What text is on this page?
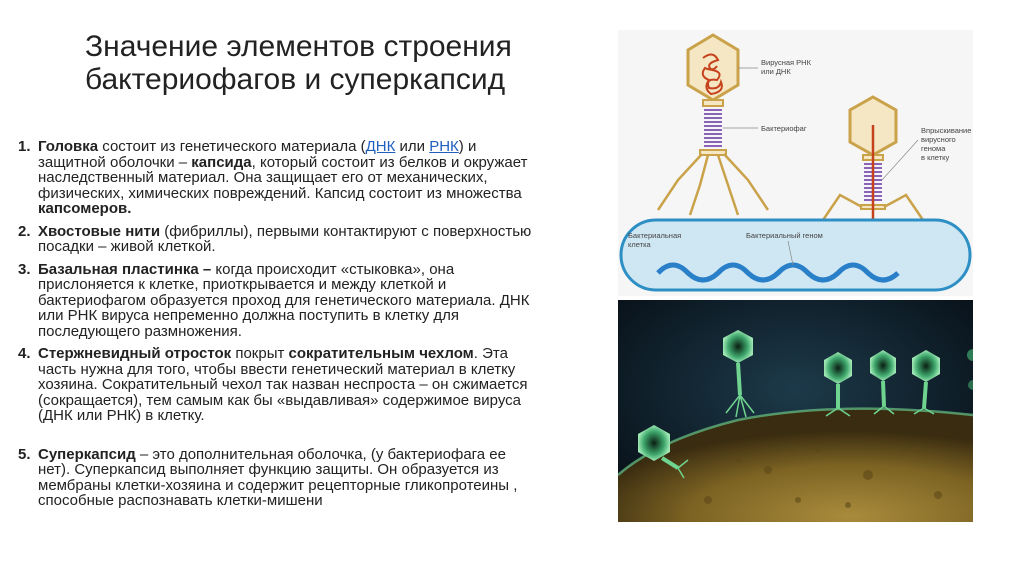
Значение элементов строения бактериофагов и суперкапсид
1. Головка состоит из генетического материала (ДНК или РНК) и защитной оболочки – капсида, который состоит из белков и окружает наследственный материал. Она защищает его от механических, физических, химических повреждений. Капсид состоит из множества капсомеров.
2. Хвостовые нити (фибриллы), первыми контактируют с поверхностью посадки – живой клеткой.
3. Базальная пластинка – когда происходит «стыковка», она прислоняется к клетке, приоткрывается и между клеткой и бактериофагом образуется проход для генетического материала. ДНК или РНК вируса непременно должна поступить в клетку для последующего размножения.
4. Стержневидный отросток покрыт сократительным чехлом. Эта часть нужна для того, чтобы ввести генетический материал в клетку хозяина. Сократительный чехол так назван неспроста – он сжимается (сокращается), тем самым как бы «выдавливая» содержимое вируса (ДНК или РНК) в клетку.
5. Суперкапсид – это дополнительная оболочка, (у бактериофага ее нет). Суперкапсид выполняет функцию защиты. Он образуется из мембраны клетки-хозяина и содержит рецепторные гликопротеины , способные распознавать клетки-мишени
Вирусная РНК
или ДНК
Бактериофаг	Впрыскивание
вирусного
генома
в клетку
Бактериальная
клетка
Бактериальный геном
